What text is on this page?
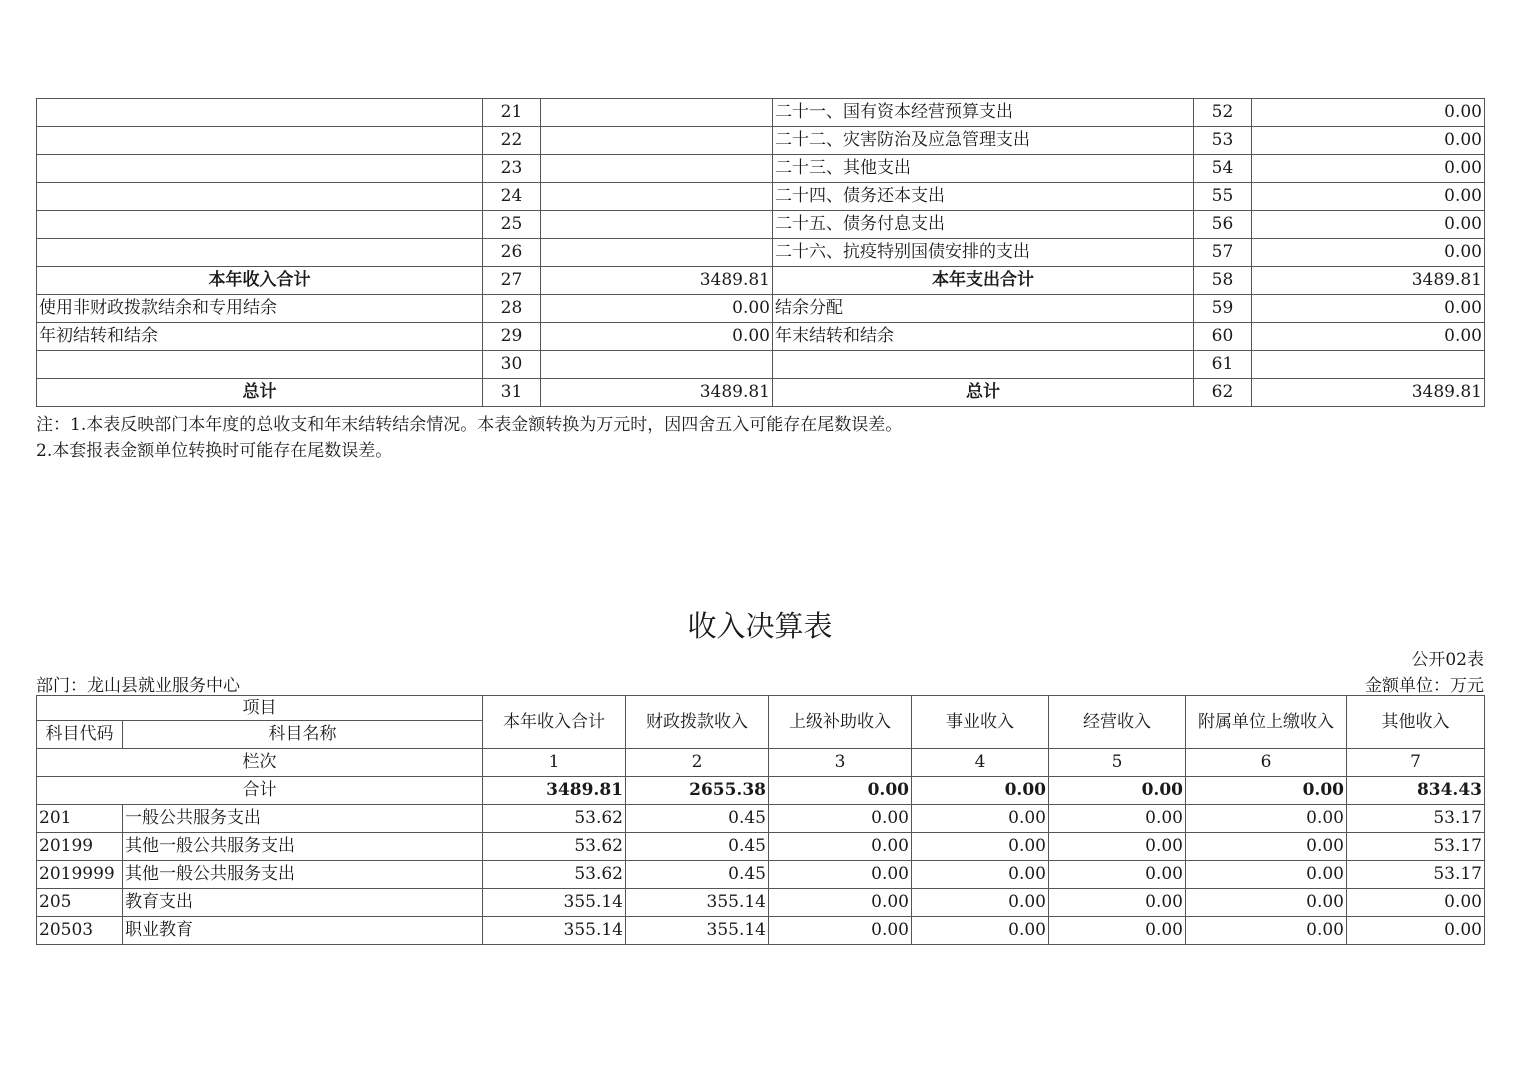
	21		二十一、国有资本经营预算支出	52	0.00
	22		二十二、灾害防治及应急管理支出	53	0.00
	23		二十三、其他支出	54	0.00
	24		二十四、债务还本支出	55	0.00
	25		二十五、债务付息支出	56	0.00
	26		二十六、抗疫特别国债安排的支出	57	0.00
本年收入合计	27	3489.81	本年支出合计	58	3489.81
使用非财政拨款结余和专用结余	28	0.00	结余分配	59	0.00
年初结转和结余	29	0.00	年末结转和结余	60	0.00
	30			61	
总计	31	3489.81	总计	62	3489.81
注：1.本表反映部门本年度的总收支和年末结转结余情况。本表金额转换为万元时，因四舍五入可能存在尾数误差。
2.本套报表金额单位转换时可能存在尾数误差。
收入决算表
公开02表
部门：龙山县就业服务中心	金额单位：万元
项目		本年收入合计	财政拨款收入	上级补助收入	事业收入	经营收入	附属单位上缴收入	其他收入
科目代码	科目名称							
栏次		1	2	3	4	5	6	7
合计		3489.81	2655.38	0.00	0.00	0.00	0.00	834.43
201	一般公共服务支出	53.62	0.45	0.00	0.00	0.00	0.00	53.17
20199	其他一般公共服务支出	53.62	0.45	0.00	0.00	0.00	0.00	53.17
2019999	其他一般公共服务支出	53.62	0.45	0.00	0.00	0.00	0.00	53.17
205	教育支出	355.14	355.14	0.00	0.00	0.00	0.00	0.00
20503	职业教育	355.14	355.14	0.00	0.00	0.00	0.00	0.00
